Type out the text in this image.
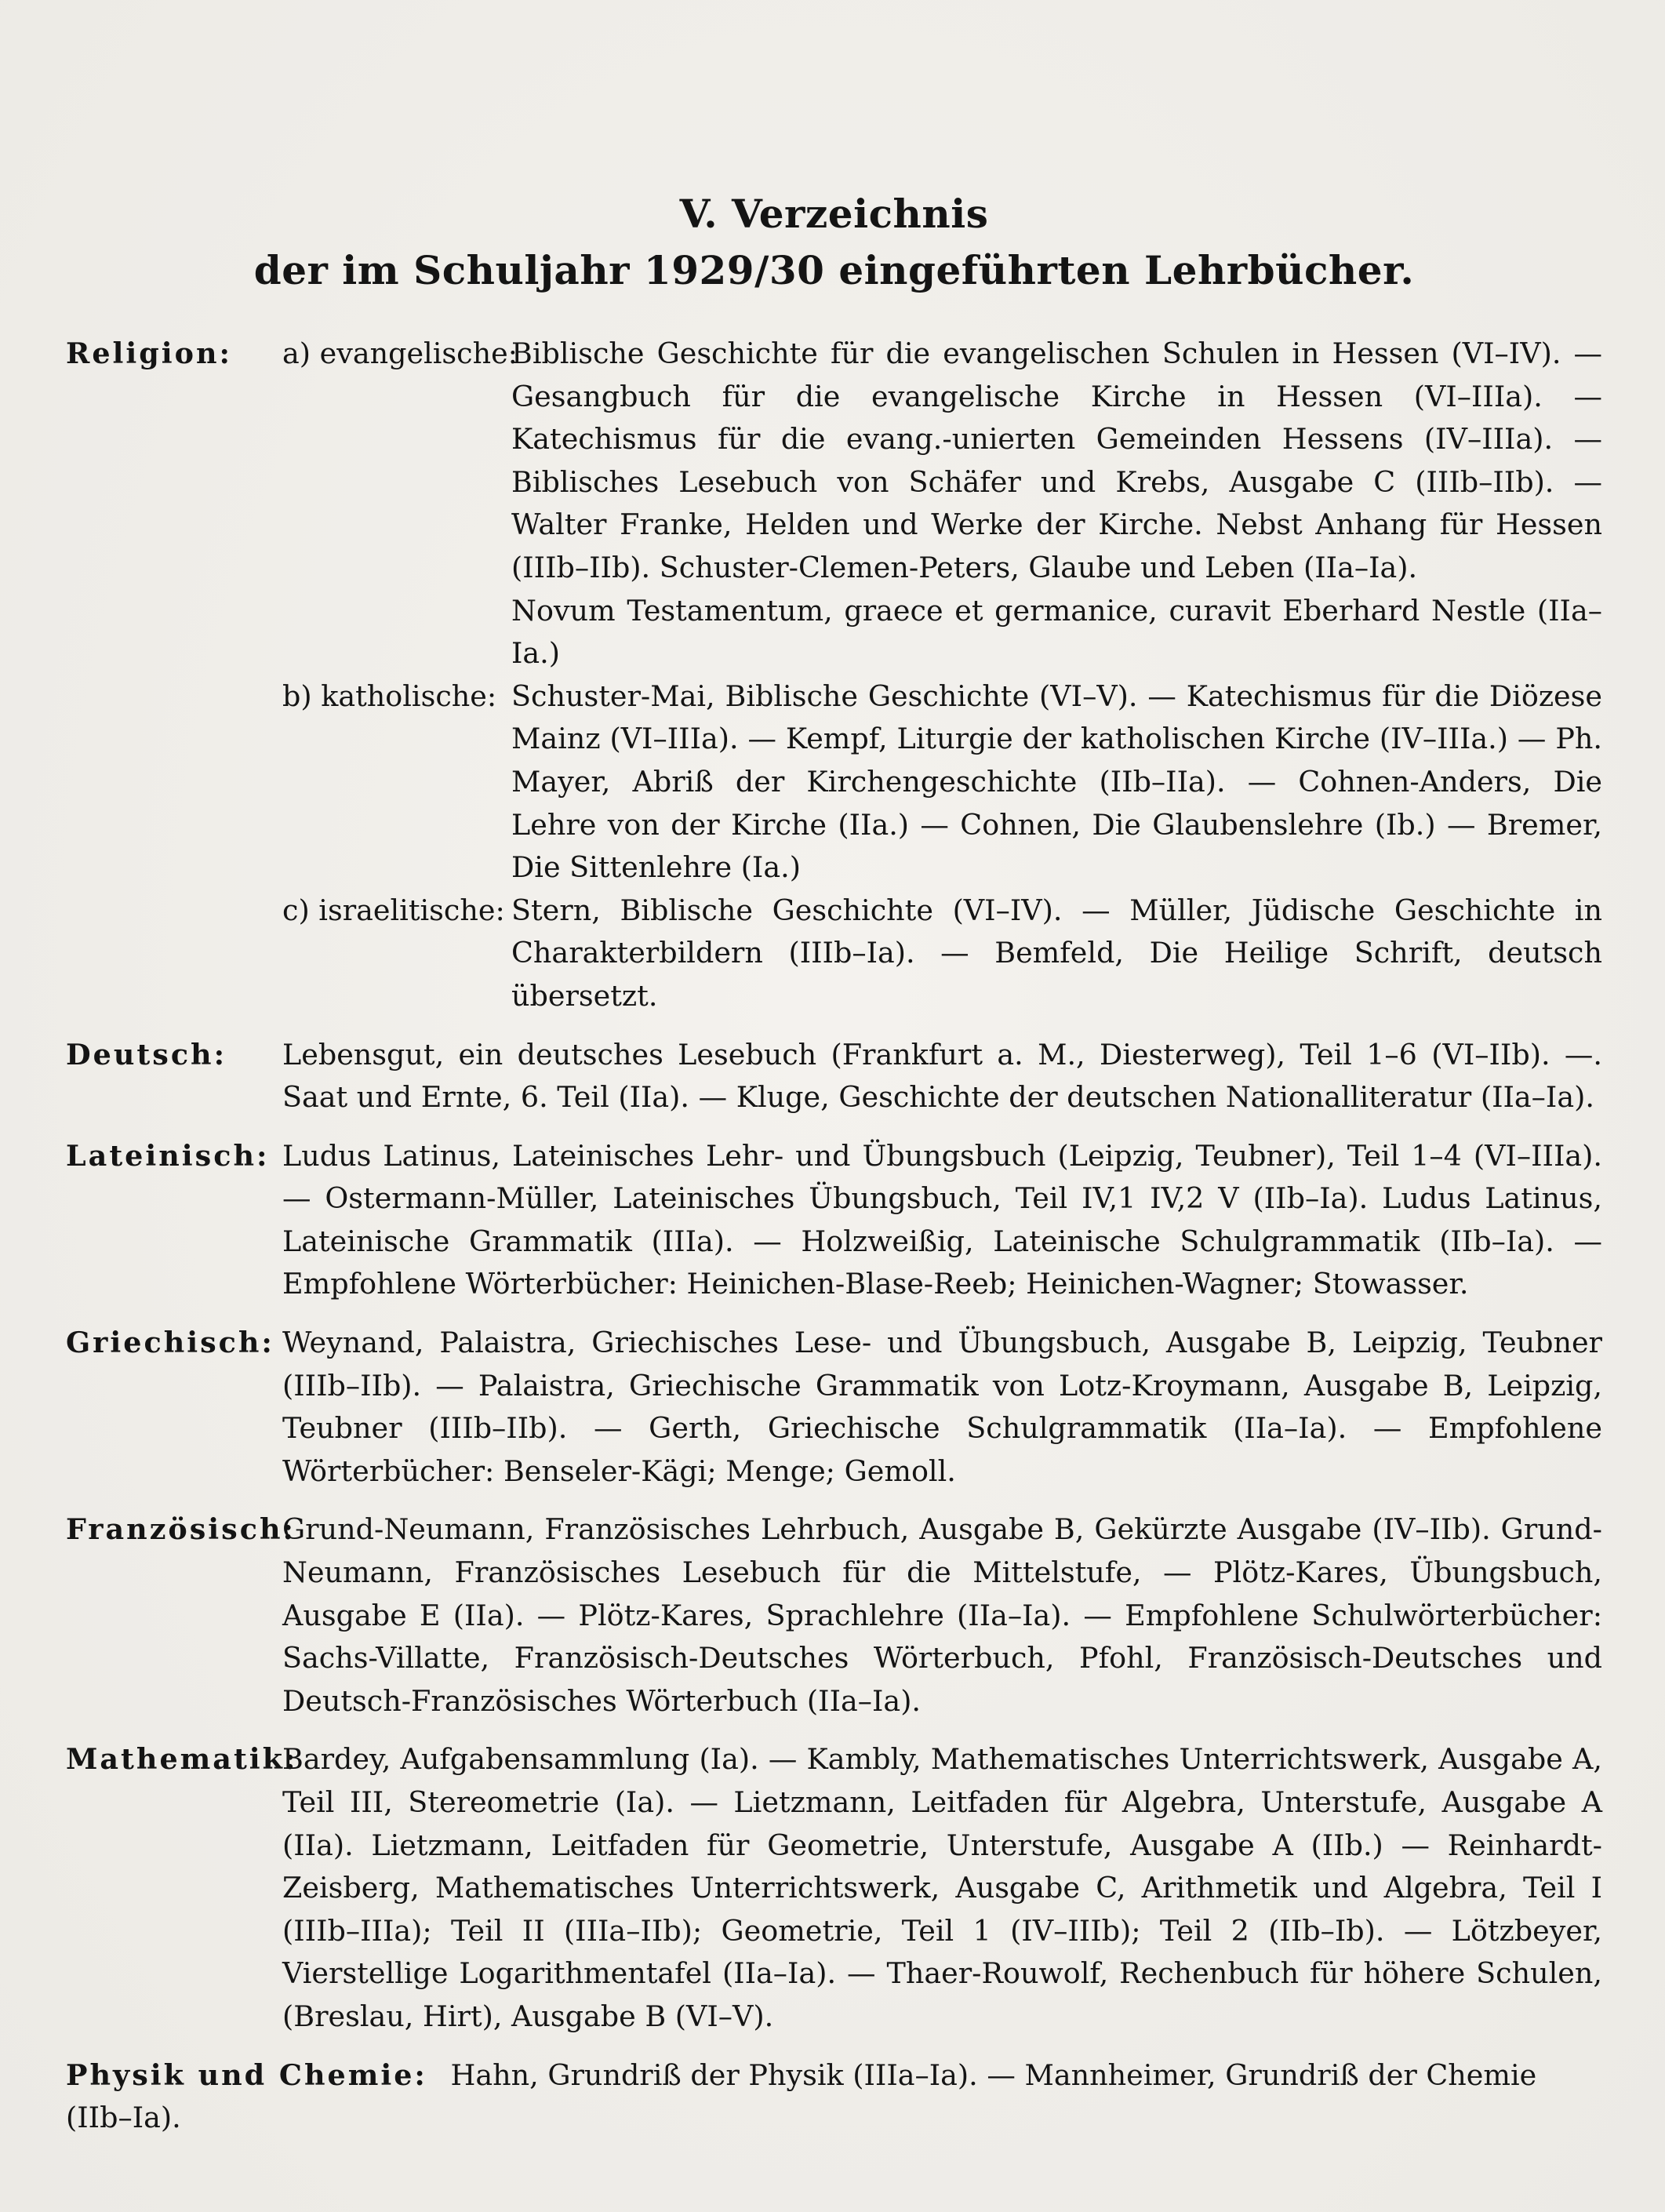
V. Verzeichnis
der im Schuljahr 1929/30 eingeführten Lehrbücher.
Religion:	a) evangelische:
Biblische Geschichte für die evangelischen Schulen in Hessen (VI–IV). — Gesangbuch für die evangelische Kirche in Hessen (VI–IIIa). — Katechismus für die evang.-unierten Gemeinden Hessens (IV–IIIa). — Biblisches Lesebuch von Schäfer und Krebs, Ausgabe C (IIIb–IIb). — Walter Franke, Helden und Werke der Kirche. Nebst Anhang für Hessen (IIIb–IIb). Schuster-Clemen-Peters, Glaube und Leben (IIa–Ia).
Novum Testamentum, graece et germanice, curavit Eberhard Nestle (IIa–Ia.)
b) katholische: Schuster-Mai, Biblische Geschichte (VI–V). — Katechismus für die Diözese Mainz (VI–IIIa). — Kempf, Liturgie der katholischen Kirche (IV–IIIa.) — Ph. Mayer, Abriß der Kirchengeschichte (IIb–IIa). — Cohnen-Anders, Die Lehre von der Kirche (IIa.) — Cohnen, Die Glaubenslehre (Ib.) — Bremer, Die Sittenlehre (Ia.)
c) israelitische: Stern, Biblische Geschichte (VI–IV). — Müller, Jüdische Geschichte in Charakterbildern (IIIb–Ia). — Bemfeld, Die Heilige Schrift, deutsch übersetzt.
Deutsch:	Lebensgut, ein deutsches Lesebuch (Frankfurt a. M., Diesterweg), Teil 1–6 (VI–IIb). —. Saat und Ernte, 6. Teil (IIa). — Kluge, Geschichte der deutschen Nationalliteratur (IIa–Ia).
Lateinisch: Ludus Latinus, Lateinisches Lehr- und Übungsbuch (Leipzig, Teubner), Teil 1–4 (VI–IIIa). — Ostermann-Müller, Lateinisches Übungsbuch, Teil IV,1 IV,2 V (IIb–Ia). Ludus Latinus, Lateinische Grammatik (IIIa). — Holzweißig, Lateinische Schulgrammatik (IIb–Ia). — Empfohlene Wörterbücher: Heinichen-Blase-Reeb; Heinichen-Wagner; Stowasser.
Griechisch: Weynand, Palaistra, Griechisches Lese- und Übungsbuch, Ausgabe B, Leipzig, Teubner (IIIb–IIb). — Palaistra, Griechische Grammatik von Lotz-Kroymann, Ausgabe B, Leipzig, Teubner (IIIb–IIb). — Gerth, Griechische Schulgrammatik (IIa–Ia). — Empfohlene Wörterbücher: Benseler-Kägi; Menge; Gemoll.
Französisch:
Grund-Neumann, Französisches Lehrbuch, Ausgabe B, Gekürzte Ausgabe (IV–IIb). Grund-Neumann, Französisches Lesebuch für die Mittelstufe, — Plötz-Kares, Übungsbuch, Ausgabe E (IIa). — Plötz-Kares, Sprachlehre (IIa–Ia). — Empfohlene Schulwörterbücher: Sachs-Villatte, Französisch-Deutsches Wörterbuch, Pfohl, Französisch-Deutsches und Deutsch-Französisches Wörterbuch (IIa–Ia).
Mathematik:
Bardey, Aufgabensammlung (Ia). — Kambly, Mathematisches Unterrichtswerk, Ausgabe A, Teil III, Stereometrie (Ia). — Lietzmann, Leitfaden für Algebra, Unterstufe, Ausgabe A (IIa). Lietzmann, Leitfaden für Geometrie, Unterstufe, Ausgabe A (IIb.) — Reinhardt-Zeisberg, Mathematisches Unterrichtswerk, Ausgabe C, Arithmetik und Algebra, Teil I (IIIb–IIIa); Teil II (IIIa–IIb); Geometrie, Teil 1 (IV–IIIb); Teil 2 (IIb–Ib). — Lötzbeyer, Vierstellige Logarithmentafel (IIa–Ia). — Thaer-Rouwolf, Rechenbuch für höhere Schulen, (Breslau, Hirt), Ausgabe B (VI–V).
Physik und Chemie: Hahn, Grundriß der Physik (IIIa–Ia). — Mannheimer, Grundriß der Chemie (IIb–Ia).
